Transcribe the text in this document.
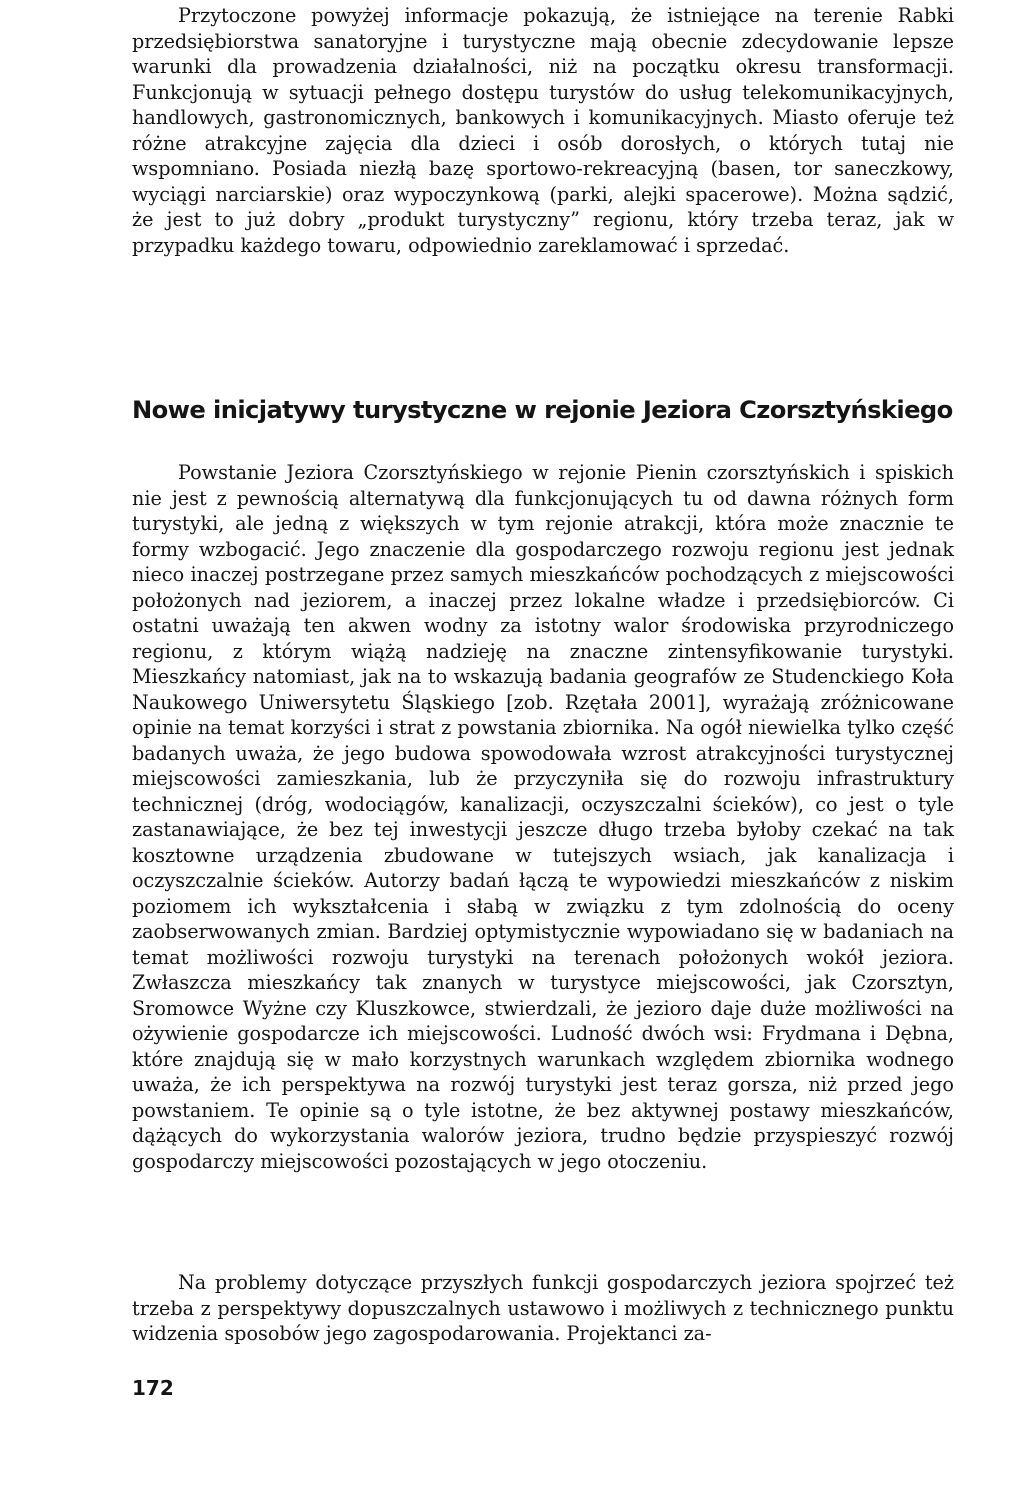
Przytoczone powyżej informacje pokazują, że istniejące na terenie Rabki przedsiębiorstwa sanatoryjne i turystyczne mają obecnie zdecydowanie lepsze warunki dla prowadzenia działalności, niż na początku okresu transformacji. Funkcjonują w sytuacji pełnego dostępu turystów do usług telekomunikacyjnych, handlowych, gastronomicznych, bankowych i komunikacyjnych. Miasto oferuje też różne atrakcyjne zajęcia dla dzieci i osób dorosłych, o których tutaj nie wspomniano. Posiada niezłą bazę sportowo-rekreacyjną (basen, tor saneczkowy, wyciągi narciarskie) oraz wypoczynkową (parki, alejki spacerowe). Można sądzić, że jest to już dobry „produkt turystyczny” regionu, który trzeba teraz, jak w przypadku każdego towaru, odpowiednio zareklamować i sprzedać.

Nowe inicjatywy turystyczne w rejonie Jeziora Czorsztyńskiego

Powstanie Jeziora Czorsztyńskiego w rejonie Pienin czorsztyńskich i spiskich nie jest z pewnością alternatywą dla funkcjonujących tu od dawna różnych form turystyki, ale jedną z większych w tym rejonie atrakcji, która może znacznie te formy wzbogacić. Jego znaczenie dla gospodarczego rozwoju regionu jest jednak nieco inaczej postrzegane przez samych mieszkańców pochodzących z miejscowości położonych nad jeziorem, a inaczej przez lokalne władze i przedsiębiorców. Ci ostatni uważają ten akwen wodny za istotny walor środowiska przyrodniczego regionu, z którym wiążą nadzieję na znaczne zintensyfikowanie turystyki. Mieszkańcy natomiast, jak na to wskazują badania geografów ze Studenckiego Koła Naukowego Uniwersytetu Śląskiego [zob. Rzętała 2001], wyrażają zróżnicowane opinie na temat korzyści i strat z powstania zbiornika. Na ogół niewielka tylko część badanych uważa, że jego budowa spowodowała wzrost atrakcyjności turystycznej miejscowości zamieszkania, lub że przyczyniła się do rozwoju infrastruktury technicznej (dróg, wodociągów, kanalizacji, oczyszczalni ścieków), co jest o tyle zastanawiające, że bez tej inwestycji jeszcze długo trzeba byłoby czekać na tak kosztowne urządzenia zbudowane w tutejszych wsiach, jak kanalizacja i oczyszczalnie ścieków. Autorzy badań łączą te wypowiedzi mieszkańców z niskim poziomem ich wykształcenia i słabą w związku z tym zdolnością do oceny zaobserwowanych zmian. Bardziej optymistycznie wypowiadano się w badaniach na temat możliwości rozwoju turystyki na terenach położonych wokół jeziora. Zwłaszcza mieszkańcy tak znanych w turystyce miejscowości, jak Czorsztyn, Sromowce Wyżne czy Kluszkowce, stwierdzali, że jezioro daje duże możliwości na ożywienie gospodarcze ich miejscowości. Ludność dwóch wsi: Frydmana i Dębna, które znajdują się w mało korzystnych warunkach względem zbiornika wodnego uważa, że ich perspektywa na rozwój turystyki jest teraz gorsza, niż przed jego powstaniem. Te opinie są o tyle istotne, że bez aktywnej postawy mieszkańców, dążących do wykorzystania walorów jeziora, trudno będzie przyspieszyć rozwój gospodarczy miejscowości pozostających w jego otoczeniu.

Na problemy dotyczące przyszłych funkcji gospodarczych jeziora spojrzeć też trzeba z perspektywy dopuszczalnych ustawowo i możliwych z technicznego punktu widzenia sposobów jego zagospodarowania. Projektanci za-

172
